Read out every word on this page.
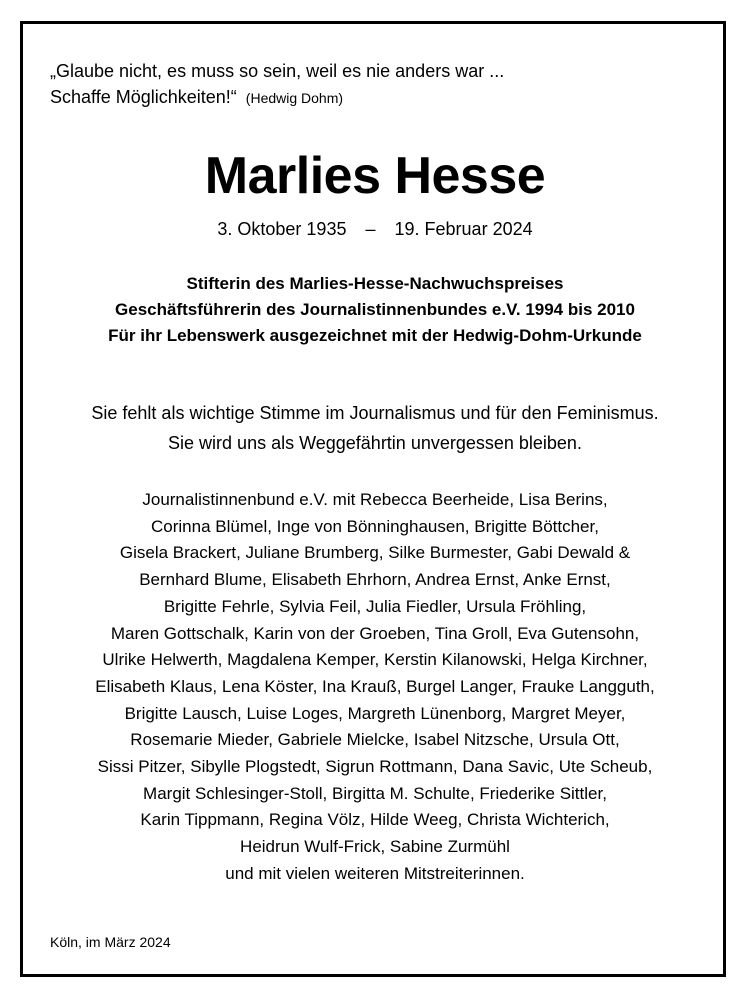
„Glaube nicht, es muss so sein, weil es nie anders war ...
Schaffe Möglichkeiten!“ (Hedwig Dohm)
Marlies Hesse
3. Oktober 1935 – 19. Februar 2024
Stifterin des Marlies-Hesse-Nachwuchspreises
Geschäftsführerin des Journalistinnenbundes e.V. 1994 bis 2010
Für ihr Lebenswerk ausgezeichnet mit der Hedwig-Dohm-Urkunde
Sie fehlt als wichtige Stimme im Journalismus und für den Feminismus.
Sie wird uns als Weggefährtin unvergessen bleiben.
Journalistinnenbund e.V. mit Rebecca Beerheide, Lisa Berins,
Corinna Blümel, Inge von Bönninghausen, Brigitte Böttcher,
Gisela Brackert, Juliane Brumberg, Silke Burmester, Gabi Dewald &
Bernhard Blume, Elisabeth Ehrhorn, Andrea Ernst, Anke Ernst,
Brigitte Fehrle, Sylvia Feil, Julia Fiedler, Ursula Fröhling,
Maren Gottschalk, Karin von der Groeben, Tina Groll, Eva Gutensohn,
Ulrike Helwerth, Magdalena Kemper, Kerstin Kilanowski, Helga Kirchner,
Elisabeth Klaus, Lena Köster, Ina Krauß, Burgel Langer, Frauke Langguth,
Brigitte Lausch, Luise Loges, Margreth Lünenborg, Margret Meyer,
Rosemarie Mieder, Gabriele Mielcke, Isabel Nitzsche, Ursula Ott,
Sissi Pitzer, Sibylle Plogstedt, Sigrun Rottmann, Dana Savic, Ute Scheub,
Margit Schlesinger-Stoll, Birgitta M. Schulte, Friederike Sittler,
Karin Tippmann, Regina Völz, Hilde Weeg, Christa Wichterich,
Heidrun Wulf-Frick, Sabine Zurmühl
und mit vielen weiteren Mitstreiterinnen.
Köln, im März 2024
